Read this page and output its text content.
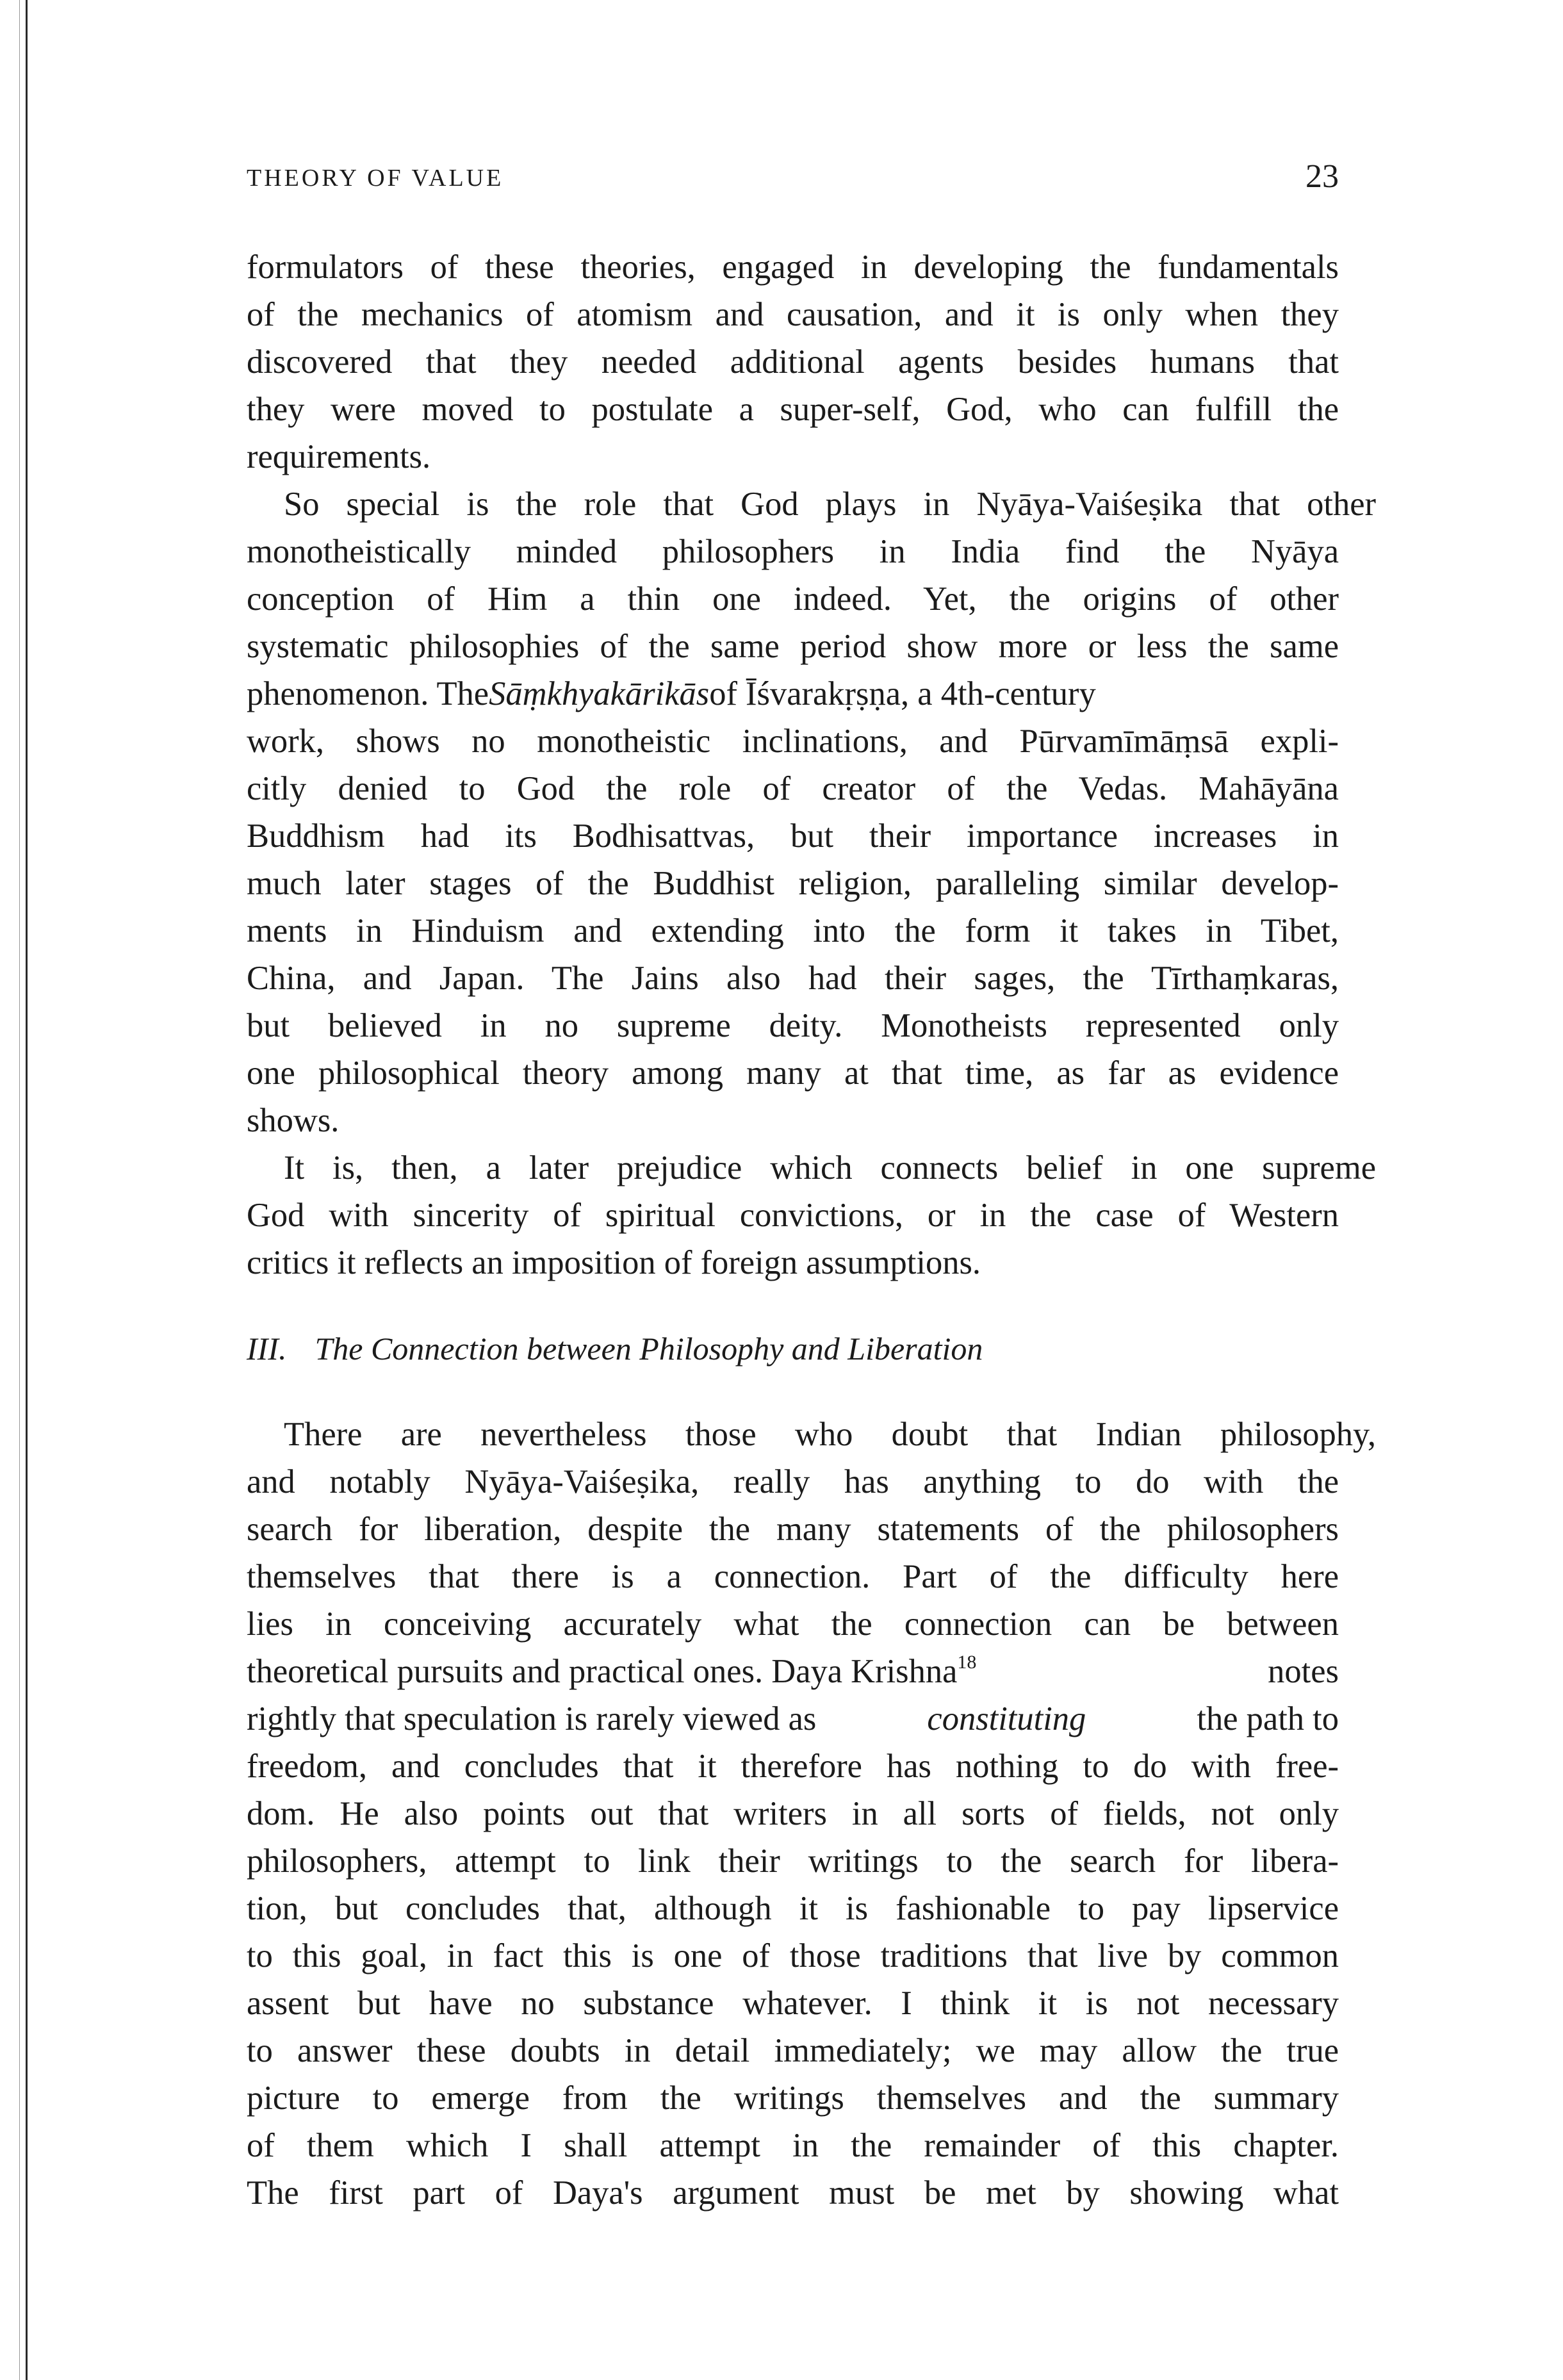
THEORY OF VALUE	23
formulators of these theories, engaged in developing the fundamentals
of the mechanics of atomism and causation, and it is only when they
discovered that they needed additional agents besides humans that
they were moved to postulate a super-self, God, who can fulfill the
requirements.
So special is the role that God plays in Nyāya-Vaiśeṣika that other
monotheistically minded philosophers in India find the Nyāya
conception of Him a thin one indeed. Yet, the origins of other
systematic philosophies of the same period show more or less the same
phenomenon. TheSāṃkhyakārikāsof Īśvarakṛṣṇa, a 4th-century
work, shows no monotheistic inclinations, and Pūrvamīmāṃsā expli-
citly denied to God the role of creator of the Vedas. Mahāyāna
Buddhism had its Bodhisattvas, but their importance increases in
much later stages of the Buddhist religion, paralleling similar develop-
ments in Hinduism and extending into the form it takes in Tibet,
China, and Japan. The Jains also had their sages, the Tīrthaṃkaras,
but believed in no supreme deity. Monotheists represented only
one philosophical theory among many at that time, as far as evidence
shows.
It is, then, a later prejudice which connects belief in one supreme
God with sincerity of spiritual convictions, or in the case of Western
critics it reflects an imposition of foreign assumptions.
III. The Connection between Philosophy and Liberation
There are nevertheless those who doubt that Indian philosophy,
and notably Nyāya-Vaiśeṣika, really has anything to do with the
search for liberation, despite the many statements of the philosophers
themselves that there is a connection. Part of the difficulty here
lies in conceiving accurately what the connection can be between
theoretical pursuits and practical ones. Daya Krishna$^{18}$	notes
rightly that speculation is rarely viewed as	constituting	the path to
freedom, and concludes that it therefore has nothing to do with free-
dom. He also points out that writers in all sorts of fields, not only
philosophers, attempt to link their writings to the search for libera-
tion, but concludes that, although it is fashionable to pay lipservice
to this goal, in fact this is one of those traditions that live by common
assent but have no substance whatever. I think it is not necessary
to answer these doubts in detail immediately; we may allow the true
picture to emerge from the writings themselves and the summary
of them which I shall attempt in the remainder of this chapter.
The first part of Daya's argument must be met by showing what
